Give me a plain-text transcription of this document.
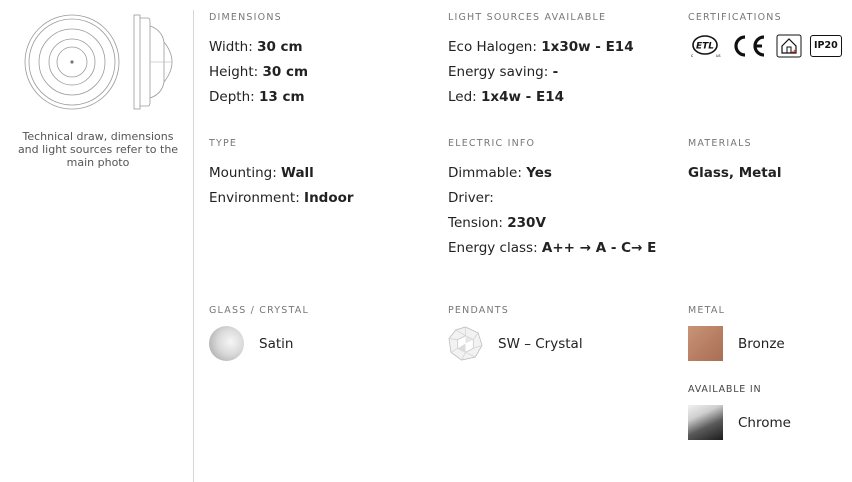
Technical draw, dimensions and light sources refer to the main photo
DIMENSIONS
Width: 30 cm
Height: 30 cm
Depth: 13 cm
LIGHT SOURCES AVAILABLE
Eco Halogen: 1x30w - E14
Energy saving: -
Led: 1x4w - E14
CERTIFICATIONS
ETL
c	us
IP20
TYPE
Mounting: Wall
Environment: Indoor
ELECTRIC INFO
Dimmable: Yes
Driver:
Tension: 230V
Energy class: A++ → A - C→ E
MATERIALS
Glass, Metal
GLASS / CRYSTAL
Satin
PENDANTS
SW – Crystal
METAL
Bronze
AVAILABLE IN
Chrome
